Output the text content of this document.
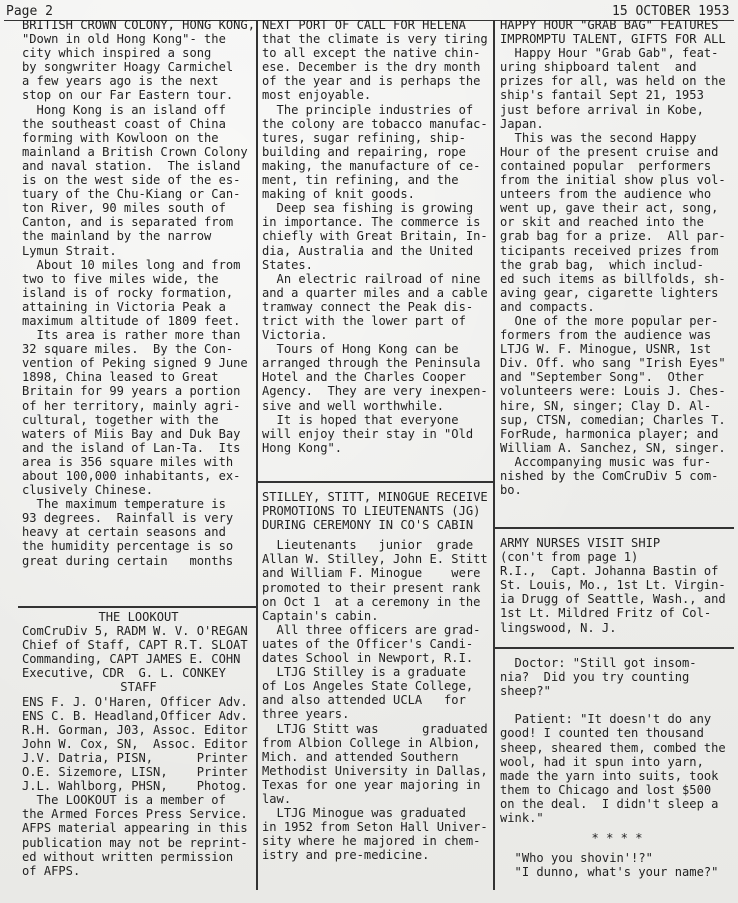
Page 2	15 OCTOBER 1953
BRITISH CROWN COLONY, HONG KONG,
"Down in old Hong Kong"- the
city which inspired a song
by songwriter Hoagy Carmichel
a few years ago is the next
stop on our Far Eastern tour.
Hong Kong is an island off
the southeast coast of China
forming with Kowloon on the
mainland a British Crown Colony
and naval station.  The island
is on the west side of the es-
tuary of the Chu-Kiang or Can-
ton River, 90 miles south of
Canton, and is separated from
the mainland by the narrow
Lymun Strait.
About 10 miles long and from
two to five miles wide, the
island is of rocky formation,
attaining in Victoria Peak a
maximum altitude of 1809 feet.
Its area is rather more than
32 square miles.  By the Con-
vention of Peking signed 9 June
1898, China leased to Great
Britain for 99 years a portion
of her territory, mainly agri-
cultural, together with the
waters of Miis Bay and Duk Bay
and the island of Lan-Ta.  Its
area is 356 square miles with
about 100,000 inhabitants, ex-
clusively Chinese.
The maximum temperature is
93 degrees.  Rainfall is very
heavy at certain seasons and
the humidity percentage is so
great during certain   months
THE LOOKOUT
ComCruDiv 5, RADM W. V. O'REGAN
Chief of Staff, CAPT R.T. SLOAT
Commanding, CAPT JAMES E. COHN
Executive, CDR  G. L. CONKEY
STAFF
ENS F. J. O'Haren, Officer Adv.
ENS C. B. Headland,Officer Adv.
R.H. Gorman, J03, Assoc. Editor
John W. Cox, SN,  Assoc. Editor
J.V. Datria, PISN,      Printer
O.E. Sizemore, LISN,    Printer
J.L. Wahlborg, PHSN,    Photog.
The LOOKOUT is a member of
the Armed Forces Press Service.
AFPS material appearing in this
publication may not be reprint-
ed without written permission
of AFPS.
NEXT PORT OF CALL FOR HELENA
that the climate is very tiring
to all except the native chin-
ese. December is the dry month
of the year and is perhaps the
most enjoyable.
The principle industries of
the colony are tobacco manufac-
tures, sugar refining, ship-
building and repairing, rope
making, the manufacture of ce-
ment, tin refining, and the
making of knit goods.
Deep sea fishing is growing
in importance. The commerce is
chiefly with Great Britain, In-
dia, Australia and the United
States.
An electric railroad of nine
and a quarter miles and a cable
tramway connect the Peak dis-
trict with the lower part of
Victoria.
Tours of Hong Kong can be
arranged through the Peninsula
Hotel and the Charles Cooper
Agency.  They are very inexpen-
sive and well worthwhile.
It is hoped that everyone
will enjoy their stay in "Old
Hong Kong".
STILLEY, STITT, MINOGUE RECEIVE
PROMOTIONS TO LIEUTENANTS (JG)
DURING CEREMONY IN CO'S CABIN
Lieutenants   junior  grade
Allan W. Stilley, John E. Stitt
and William F. Minogue    were
promoted to their present rank
on Oct 1  at a ceremony in the
Captain's cabin.
All three officers are grad-
uates of the Officer's Candi-
dates School in Newport, R.I.
LTJG Stilley is a graduate
of Los Angeles State College,
and also attended UCLA   for
three years.
LTJG Stitt was      graduated
from Albion College in Albion,
Mich. and attended Southern
Methodist University in Dallas,
Texas for one year majoring in
law.
LTJG Minogue was graduated
in 1952 from Seton Hall Univer-
sity where he majored in chem-
istry and pre-medicine.
HAPPY HOUR "GRAB BAG" FEATURES
IMPROMPTU TALENT, GIFTS FOR ALL
Happy Hour "Grab Gab", feat-
uring shipboard talent  and
prizes for all, was held on the
ship's fantail Sept 21, 1953
just before arrival in Kobe,
Japan.
This was the second Happy
Hour of the present cruise and
contained popular  performers
from the initial show plus vol-
unteers from the audience who
went up, gave their act, song,
or skit and reached into the
grab bag for a prize.  All par-
ticipants received prizes from
the grab bag,  which includ-
ed such items as billfolds, sh-
aving gear, cigarette lighters
and compacts.
One of the more popular per-
formers from the audience was
LTJG W. F. Minogue, USNR, 1st
Div. Off. who sang "Irish Eyes"
and "September Song".  Other
volunteers were: Louis J. Ches-
hire, SN, singer; Clay D. Al-
sup, CTSN, comedian; Charles T.
ForRude, harmonica player; and
William A. Sanchez, SN, singer.
Accompanying music was fur-
nished by the ComCruDiv 5 com-
bo.
ARMY NURSES VISIT SHIP
(con't from page 1)
R.I.,  Capt. Johanna Bastin of
St. Louis, Mo., 1st Lt. Virgin-
ia Drugg of Seattle, Wash., and
1st Lt. Mildred Fritz of Col-
lingswood, N. J.
Doctor: "Still got insom-
nia?  Did you try counting
sheep?"

Patient: "It doesn't do any
good! I counted ten thousand
sheep, sheared them, combed the
wool, had it spun into yarn,
made the yarn into suits, took
them to Chicago and lost $500
on the deal.  I didn't sleep a
wink."
* * * *
"Who you shovin'!?"
"I dunno, what's your name?"
